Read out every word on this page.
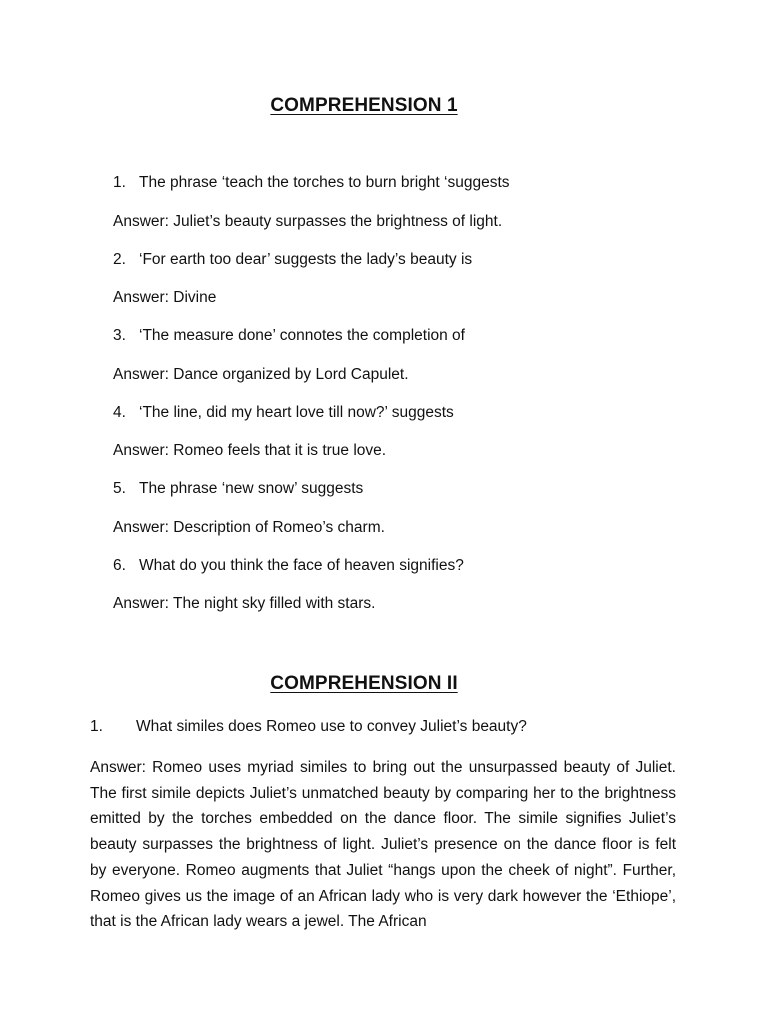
COMPREHENSION 1
1. The phrase ‘teach the torches to burn bright ‘suggests
Answer: Juliet’s beauty surpasses the brightness of light.
2. ‘For earth too dear’ suggests the lady’s beauty is
Answer: Divine
3. ‘The measure done’ connotes the completion of
Answer: Dance organized by Lord Capulet.
4. ‘The line, did my heart love till now?’ suggests
Answer: Romeo feels that it is true love.
5. The phrase ‘new snow’ suggests
Answer: Description of Romeo’s charm.
6. What do you think the face of heaven signifies?
Answer: The night sky filled with stars.
COMPREHENSION II
1. What similes does Romeo use to convey Juliet’s beauty?
Answer: Romeo uses myriad similes to bring out the unsurpassed beauty of Juliet. The first simile depicts Juliet’s unmatched beauty by comparing her to the brightness emitted by the torches embedded on the dance floor. The simile signifies Juliet’s beauty surpasses the brightness of light. Juliet’s presence on the dance floor is felt by everyone. Romeo augments that Juliet “hangs upon the cheek of night”. Further, Romeo gives us the image of an African lady who is very dark however the ‘Ethiope’, that is the African lady wears a jewel. The African
